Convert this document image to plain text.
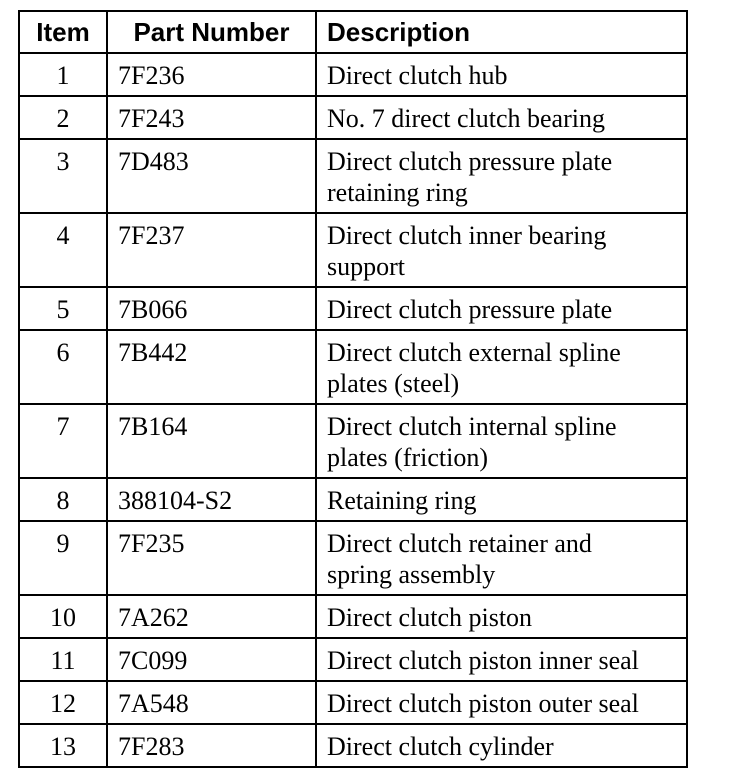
Item	Part Number	Description
1	7F236	Direct clutch hub

2	7F243	No. 7 direct clutch bearing

3	7D483	Direct clutch pressure plate
retaining ring

4	7F237	Direct clutch inner bearing
support

5	7B066	Direct clutch pressure plate

6	7B442	Direct clutch external spline
plates (steel)

7	7B164	Direct clutch internal spline
plates (friction)

8	388104-S2	Retaining ring

9	7F235	Direct clutch retainer and
spring assembly

10	7A262	Direct clutch piston

11	7C099	Direct clutch piston inner seal

12	7A548	Direct clutch piston outer seal

13	7F283	Direct clutch cylinder
